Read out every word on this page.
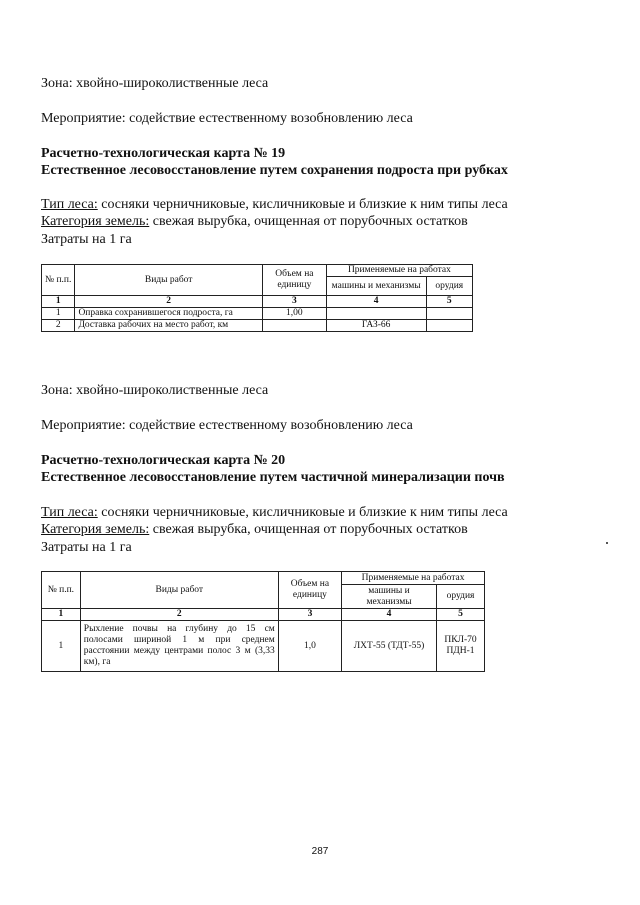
Зона: хвойно-широколиственные леса
Мероприятие: содействие естественному возобновлению леса
Расчетно-технологическая карта № 19
Естественное лесовосстановление путем сохранения подроста при рубках
Тип леса: сосняки черничниковые, кисличниковые и близкие к ним типы леса
Категория земель: свежая вырубка, очищенная от порубочных остатков
Затраты на 1 га
№ п.п.	Виды работ	Объем на единицу	Применяемые на работах	
			машины и механизмы	орудия
1	2	3	4	5
1	Оправка сохранившегося подроста, га	1,00		
2	Доставка рабочих на место работ, км		ГАЗ-66	
Зона: хвойно-широколиственные леса
Мероприятие: содействие естественному возобновлению леса
Расчетно-технологическая карта № 20
Естественное лесовосстановление путем частичной минерализации почв
Тип леса: сосняки черничниковые, кисличниковые и близкие к ним типы леса
Категория земель: свежая вырубка, очищенная от порубочных остатков
Затраты на 1 га
№ п.п.	Виды работ	Объем на единицу	Применяемые на работах	
			машины и механизмы	орудия
1	2	3	4	5
1	Рыхление почвы на глубину до 15 см полосами шириной 1 м при среднем расстоянии между центрами полос 3 м (3,33 км), га	1,0	ЛХТ-55 (ТДТ-55)	ПКЛ-70 ПДН-1
287
